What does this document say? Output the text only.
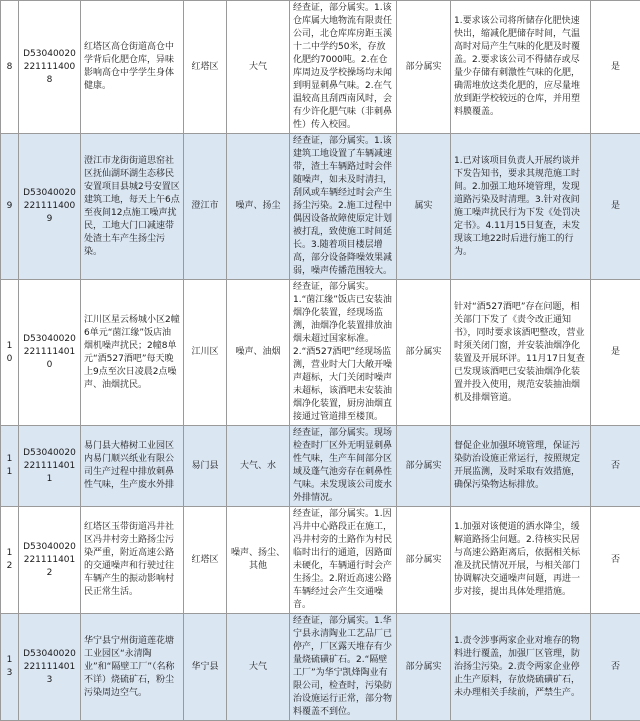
8	D530400202211114008	红塔区高仓街道高仓中学背后化肥仓库，异味影响高仓中学学生身体健康。	红塔区	大气	经查证，部分属实。1.该仓库属大地物流有限责任公司，北仓库库房距玉溪十二中学约50米，存放化肥约7000吨。2.在仓库周边及学校操场均未闻到明显刺鼻气味。2.在气温较高且刮西南风时，会有少许化肥气味（非刺鼻性）传入校园。	部分属实	1.要求该公司将所储存化肥快速快出，缩减化肥储存时间，气温高时对局产生气味的化肥及时覆盖。2.要求该公司不得储存或尽量少存储有刺激性气味的化肥，确需堆放这类化肥的，应尽量堆放到距学校较远的仓库，并用塑料膜覆盖。	是
9	D530400202211114009	澄江市龙街街道思窑社区抚仙湖环湖生态移民安置项目县城2号安置区建筑工地，每天上午6点至夜间12点施工噪声扰民，工地大门口减速带处渣土车产生扬尘污染。	澄江市	噪声、扬尘	经查证，部分属实。1.该建筑工地设置了车辆减速带，渣土车辆路过时会伴随噪声，如未及时清扫，刮风或车辆经过时会产生扬尘污染。2.施工过程中偶因设备故障使原定计划被打乱，致使施工时间延长。3.随着项目楼层增高，部分设备降噪效果减弱，噪声传播范围较大。	属实	1.已对该项目负责人开展约谈并下发告知书，要求其规范施工时间。2.加强工地环境管理，发现道路污染及时清理。3.针对夜间施工噪声扰民行为下发《处罚决定书》。4.11月15日复查，未发现该工地22时后进行施工的行为。	是
10	D530400202211114010	江川区星云杨城小区2幢6单元“菌江缘”饭店油烟机噪声扰民；2幢8单元“酒527酒吧”每天晚上9点至次日凌晨2点噪声、油烟扰民。	江川区	噪声、油烟	经查证，部分属实。1.“菌江缘”饭店已安装油烟净化装置，经现场监测，油烟净化装置排放油烟未超过国家标准。2.“酒527酒吧”经现场监测，营业时大门大敞开噪声超标，大门关闭时噪声未超标，该酒吧未安装油烟净化装置，厨房油烟直接通过管道排至楼顶。	部分属实	针对“酒527酒吧”存在问题，相关部门下发了《责令改正通知书》，同时要求该酒吧整改，营业时须关闭门窗，并安装油烟净化装置及开展环评。11月17日复查已发现该酒吧已安装油烟净化装置并投入使用，规范安装抽油烟机及排烟管道。	是
11	D530400202211114011	易门县大椿树工业园区内易门顺兴纸业有限公司生产过程中排放刺鼻性气味，生产废水外排	易门县	大气、水	经查证，部分属实。现场检查时厂区外无明显刺鼻性气味，生产车间部分区域及蓬气池旁存在刺鼻性气味。未发现该公司废水外排情况。	部分属实	督促企业加强环境管理，保证污染防治设施正常运行，按照规定开展监测，及时采取有效措施，确保污染物达标排放。	否
12	D530400202211114012	红塔区玉带街道冯井社区冯井村旁土路扬尘污染严重，附近高速公路的交通噪声和行驶过往车辆产生的振动影响村民正常生活。	红塔区	噪声、扬尘、其他	经查证，部分属实。1.因冯井中心路段正在施工，冯井村旁的土路作为村民临时出行的通道，因路面未硬化，车辆通行时会产生扬尘。2.附近高速公路车辆经过会产生交通噪音。	部分属实	1.加强对该便道的洒水降尘，缓解道路扬尘问题。2.待核实民居与高速公路距离后，依据相关标准及扰民情况开展，与相关部门协调解决交通噪声问题，再进一步对接，提出具体处理措施。	否
13	D530400202211114013	华宁县宁州街道莲花塘工业园区“永清陶业”和“隔壁工厂”（名称不详）烧硫矿石，粉尘污染周边空气。	华宁县	大气	经查证，部分属实。1.华宁县永清陶业工艺品厂已停产，厂区露天堆存有少量烧硫磺矿石。2.“隔壁工厂”为华宁凯烽陶业有限公司，检查时，污染防治设施运行正常，部分物料覆盖不到位。	部分属实	1.责令涉事两家企业对堆存的物料进行覆盖，加强厂区管理，防治扬尘污染。2.责令两家企业停止生产原料，存放烧硫磺矿石，未办理相关手续前，严禁生产。	否
